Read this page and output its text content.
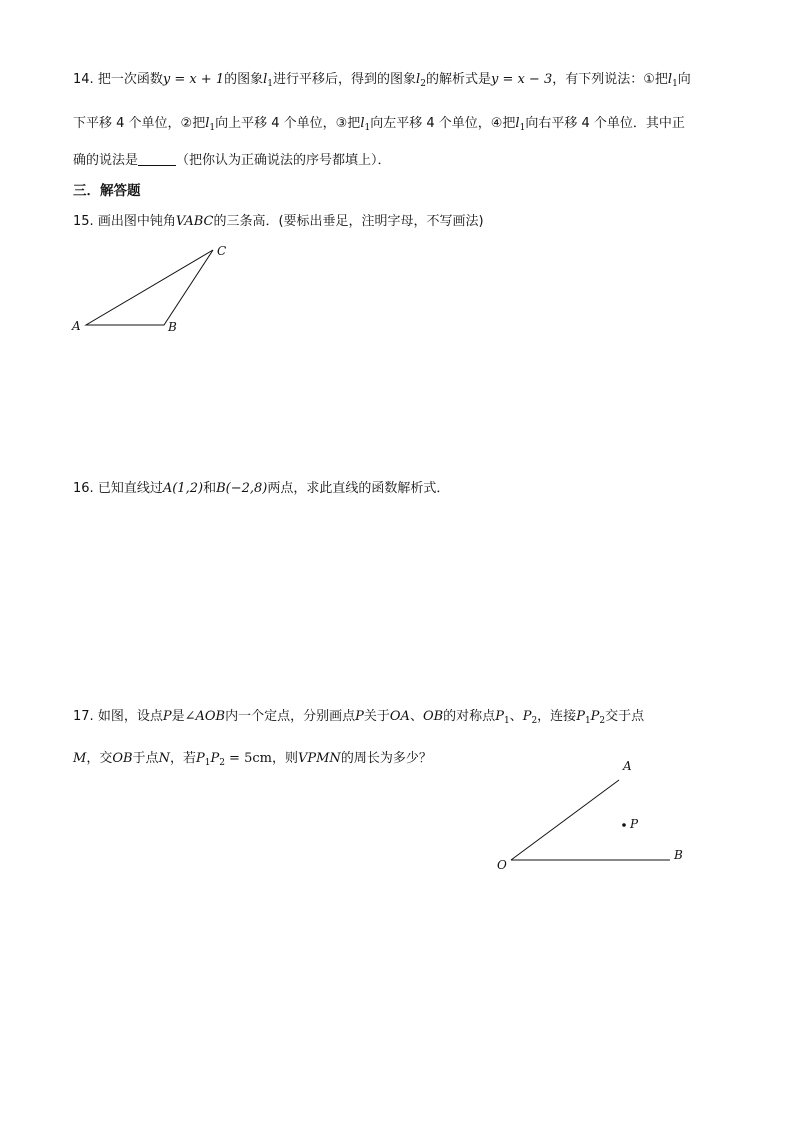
14. 把一次函数y = x + 1的图象$l_1$进行平移后，得到的图象$l_2$的解析式是y = x − 3，有下列说法：①把$l_1$向
下平移 4 个单位，②把$l_1$向上平移 4 个单位，③把$l_1$向左平移 4 个单位，④把$l_1$向右平移 4 个单位．其中正
确的说法是	（把你认为正确说法的序号都填上）．
三．解答题
15. 画出图中钝角VABC的三条高．(要标出垂足，注明字母，不写画法)
A	B
C
A
B
O
P
16. 已知直线过A(1,2)和B(−2,8)两点，求此直线的函数解析式．
17. 如图，设点P是∠AOB内一个定点，分别画点P关于OA、OB的对称点$P_1$、$P_2$，连接$P_1P_2$交于点
M，交OB于点N，若$P_1P_2 = 5cm$，则VPMN的周长为多少？
